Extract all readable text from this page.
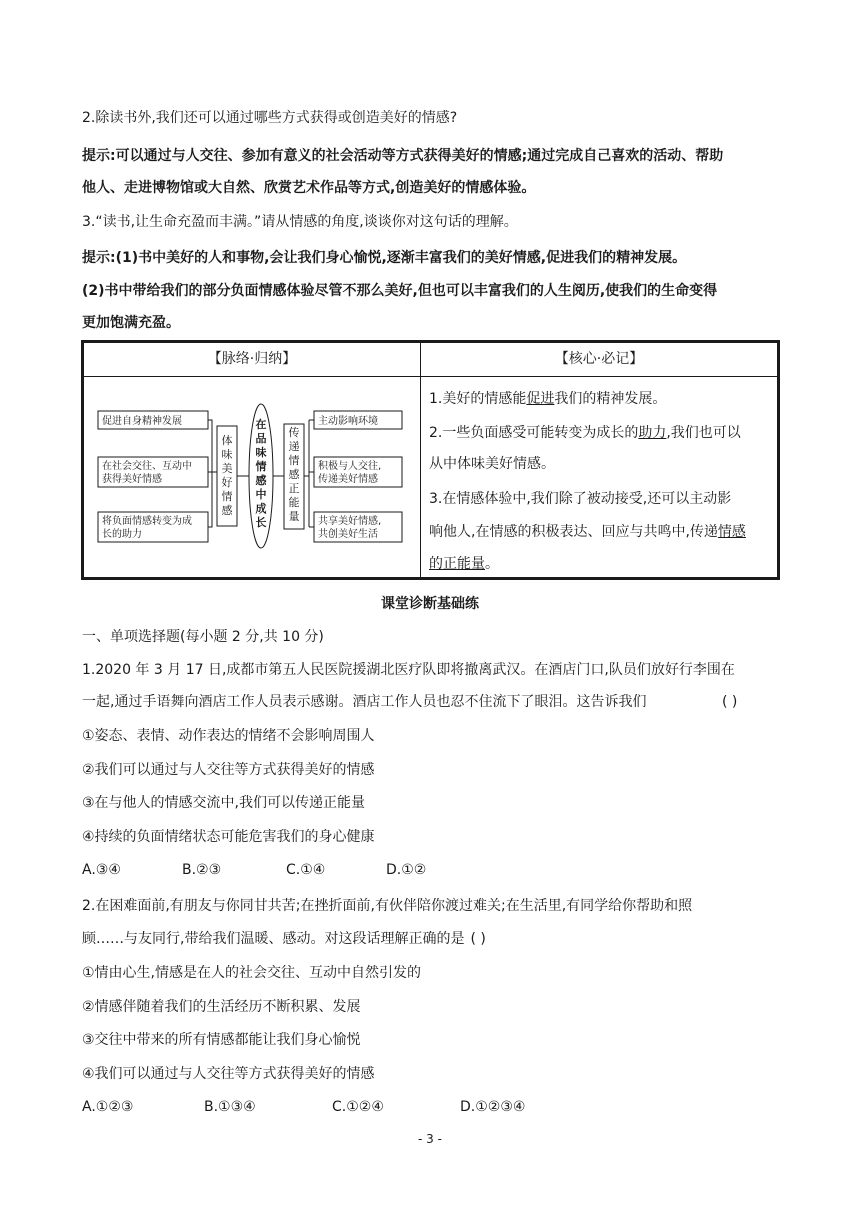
2.除读书外,我们还可以通过哪些方式获得或创造美好的情感?
提示:可以通过与人交往、参加有意义的社会活动等方式获得美好的情感;通过完成自己喜欢的活动、帮助
他人、走进博物馆或大自然、欣赏艺术作品等方式,创造美好的情感体验。
3.“读书,让生命充盈而丰满。”请从情感的角度,谈谈你对这句话的理解。
提示:(1)书中美好的人和事物,会让我们身心愉悦,逐渐丰富我们的美好情感,促进我们的精神发展。
(2)书中带给我们的部分负面情感体验尽管不那么美好,但也可以丰富我们的人生阅历,使我们的生命变得
更加饱满充盈。
【脉络·归纳】	【核心·必记】
促进自身精神发展
在社会交往、互动中
获得美好情感
将负面情感转变为成
长的助力
主动影响环境
积极与人交往,
传递美好情感
共享美好情感,
共创美好生活
体味美好情感
在品味情感中成长
传递情感正能量
1.美好的情感能促进我们的精神发展。
2.一些负面感受可能转变为成长的助力,我们也可以
从中体味美好情感。
3.在情感体验中,我们除了被动接受,还可以主动影
响他人,在情感的积极表达、回应与共鸣中,传递情感
的正能量。
课堂诊断基础练
一、单项选择题(每小题 2 分,共 10 分)
1.2020 年 3 月 17 日,成都市第五人民医院援湖北医疗队即将撤离武汉。在酒店门口,队员们放好行李围在
一起,通过手语舞向酒店工作人员表示感谢。酒店工作人员也忍不住流下了眼泪。这告诉我们	( )
①姿态、表情、动作表达的情绪不会影响周围人
②我们可以通过与人交往等方式获得美好的情感
③在与他人的情感交流中,我们可以传递正能量
④持续的负面情绪状态可能危害我们的身心健康
A.③④	B.②③	C.①④	D.①②
2.在困难面前,有朋友与你同甘共苦;在挫折面前,有伙伴陪你渡过难关;在生活里,有同学给你帮助和照
顾……与友同行,带给我们温暖、感动。对这段话理解正确的是 ( )
①情由心生,情感是在人的社会交往、互动中自然引发的
②情感伴随着我们的生活经历不断积累、发展
③交往中带来的所有情感都能让我们身心愉悦
④我们可以通过与人交往等方式获得美好的情感
A.①②③	B.①③④	C.①②④	D.①②③④
- 3 -
